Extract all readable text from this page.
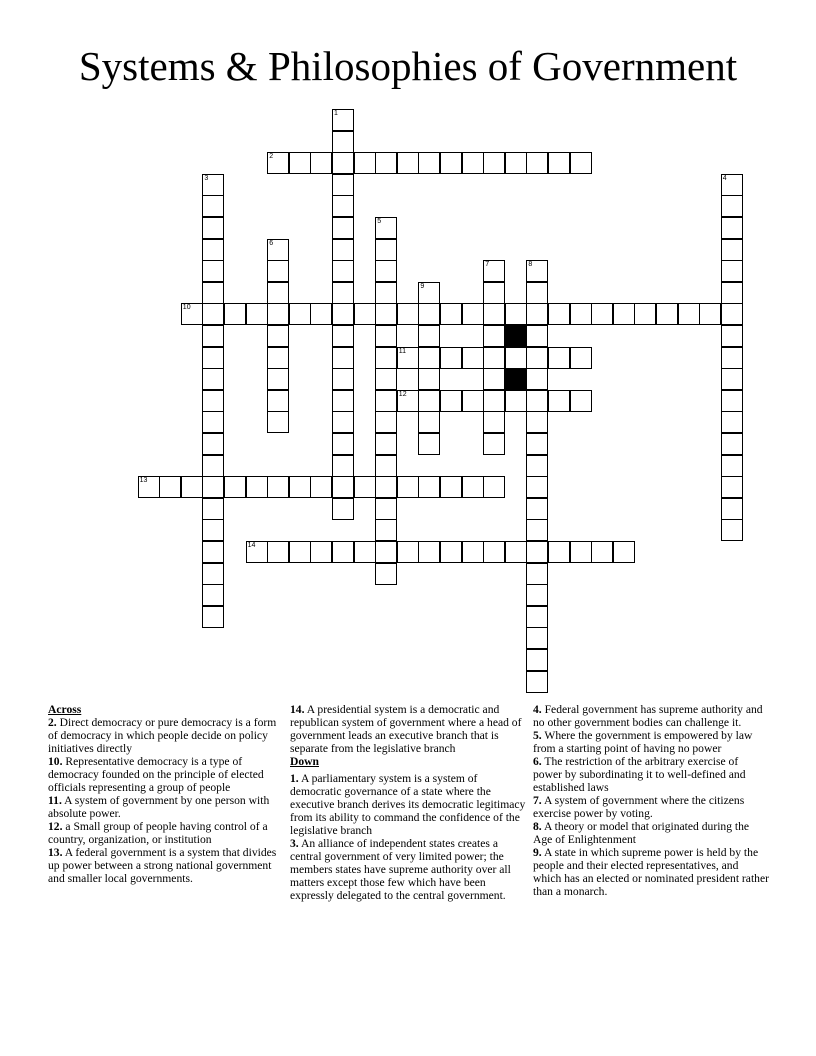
Systems & Philosophies of Government
1
2
3	4
5
6
7	8
9
10
11
12
13
14
Across
2. Direct democracy or pure democracy is a form of democracy in which people decide on policy initiatives directly
10. Representative democracy is a type of democracy founded on the principle of elected officials representing a group of people
11. A system of government by one person with absolute power.
12. a Small group of people having control of a country, organization, or institution
13. A federal government is a system that divides up power between a strong national government and smaller local governments.
14. A presidential system is a democratic and republican system of government where a head of government leads an executive branch that is separate from the legislative branch
Down
1. A parliamentary system is a system of democratic governance of a state where the executive branch derives its democratic legitimacy from its ability to command the confidence of the legislative branch
3. An alliance of independent states creates a central government of very limited power; the members states have supreme authority over all matters except those few which have been expressly delegated to the central government.
4. Federal government has supreme authority and no other government bodies can challenge it.
5. Where the government is empowered by law from a starting point of having no power
6. The restriction of the arbitrary exercise of power by subordinating it to well-defined and established laws
7. A system of government where the citizens exercise power by voting.
8. A theory or model that originated during the Age of Enlightenment
9. A state in which supreme power is held by the people and their elected representatives, and which has an elected or nominated president rather than a monarch.
